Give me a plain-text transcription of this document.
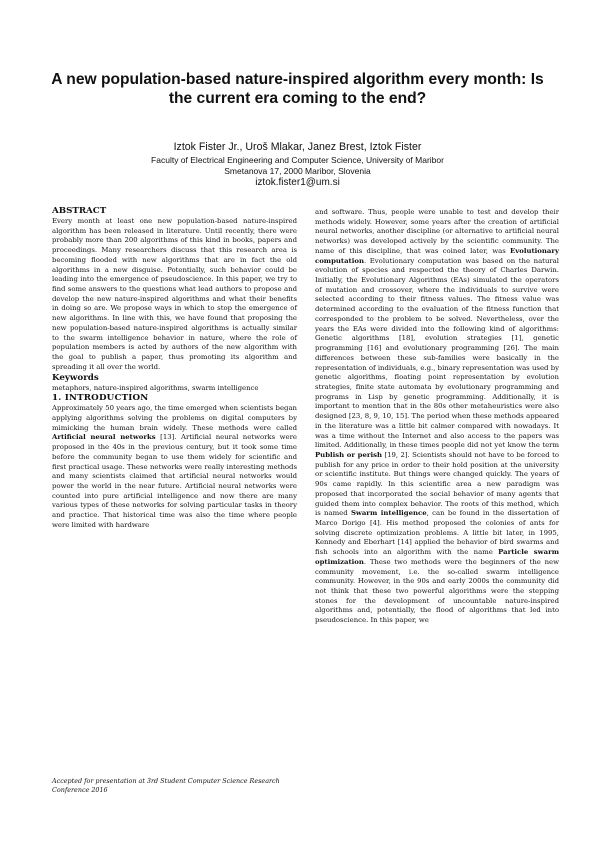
A new population-based nature-inspired algorithm every month: Is the current era coming to the end?
Iztok Fister Jr., Uroš Mlakar, Janez Brest, Iztok Fister
Faculty of Electrical Engineering and Computer Science, University of Maribor
Smetanova 17, 2000 Maribor, Slovenia
iztok.fister1@um.si
ABSTRACT

Every month at least one new population-based nature-inspired algorithm has been released in literature. Until recently, there were probably more than 200 algorithms of this kind in books, papers and proceedings. Many researchers discuss that this research area is becoming flooded with new algorithms that are in fact the old algorithms in a new disguise. Potentially, such behavior could be leading into the emergence of pseudoscience. In this paper, we try to find some answers to the questions what lead authors to propose and develop the new nature-inspired algorithms and what their benefits in doing so are. We propose ways in which to stop the emergence of new algorithms. In line with this, we have found that proposing the new population-based nature-inspired algorithms is actually similar to the swarm intelligence behavior in nature, where the role of population members is acted by authors of the new algorithm with the goal to publish a paper, thus promoting its algorithm and spreading it all over the world.

Keywords

metaphors, nature-inspired algorithms, swarm intelligence

1. INTRODUCTION

Approximately 50 years ago, the time emerged when scientists began applying algorithms solving the problems on digital computers by mimicking the human brain widely. These methods were called Artificial neural networks [13]. Artificial neural networks were proposed in the 40s in the previous century, but it took some time before the community began to use them widely for scientific and first practical usage. These networks were really interesting methods and many scientists claimed that artificial neural networks would power the world in the near future. Artificial neural networks were counted into pure artificial intelligence and now there are many various types of these networks for solving particular tasks in theory and practice. That historical time was also the time where people were limited with hardware

and software. Thus, people were unable to test and develop their methods widely. However, some years after the creation of artificial neural networks, another discipline (or alternative to artificial neural networks) was developed actively by the scientific community. The name of this discipline, that was coined later, was Evolutionary computation. Evolutionary computation was based on the natural evolution of species and respected the theory of Charles Darwin. Initially, the Evolutionary Algorithms (EAs) simulated the operators of mutation and crossover, where the individuals to survive were selected according to their fitness values. The fitness value was determined according to the evaluation of the fitness function that corresponded to the problem to be solved. Nevertheless, over the years the EAs were divided into the following kind of algorithms: Genetic algorithms [18], evolution strategies [1], genetic programming [16] and evolutionary programming [26]. The main differences between these sub-families were basically in the representation of individuals, e.g., binary representation was used by genetic algorithms, floating point representation by evolution strategies, finite state automata by evolutionary programming and programs in Lisp by genetic programming. Additionally, it is important to mention that in the 80s other metaheuristics were also designed [23, 8, 9, 10, 15]. The period when these methods appeared in the literature was a little bit calmer compared with nowadays. It was a time without the Internet and also access to the papers was limited. Additionally, in these times people did not yet know the term Publish or perish [19, 2]. Scientists should not have to be forced to publish for any price in order to their hold position at the university or scientific institute. But things were changed quickly. The years of 90s came rapidly. In this scientific area a new paradigm was proposed that incorporated the social behavior of many agents that guided them into complex behavior. The roots of this method, which is named Swarm intelligence, can be found in the dissertation of Marco Dorigo [4]. His method proposed the colonies of ants for solving discrete optimization problems. A little bit later, in 1995, Kennedy and Eberhart [14] applied the behavior of bird swarms and fish schools into an algorithm with the name Particle swarm optimization. These two methods were the beginners of the new community movement, i.e. the so-called swarm intelligence community. However, in the 90s and early 2000s the community did not think that these two powerful algorithms were the stepping stones for the development of uncountable nature-inspired algorithms and, potentially, the flood of algorithms that led into pseudoscience. In this paper, we

Accepted for presentation at 3rd Student Computer Science Research Conference 2016
